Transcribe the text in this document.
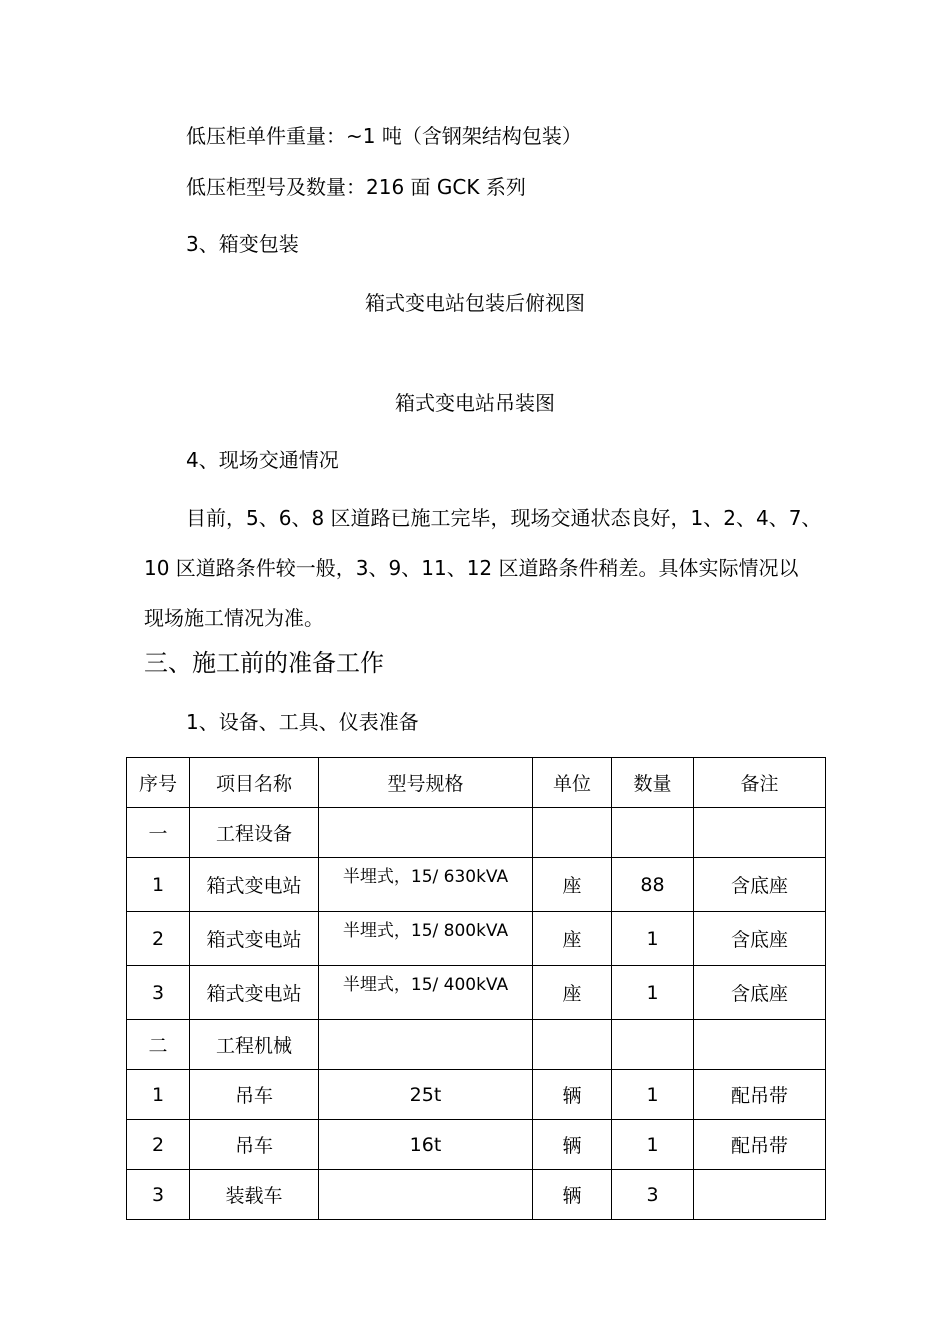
低压柜单件重量：~1 吨（含钢架结构包装）
低压柜型号及数量：216 面 GCK 系列
3、箱变包装
箱式变电站包装后俯视图
箱式变电站吊装图
4、现场交通情况
目前，5、6、8 区道路已施工完毕，现场交通状态良好，1、2、4、7、
10 区道路条件较一般，3、9、11、12 区道路条件稍差。具体实际情况以
现场施工情况为准。
三、施工前的准备工作
1、设备、工具、仪表准备
序号	项目名称	型号规格	单位	数量	备注
一	工程设备				
1	箱式变电站	半埋式，15/ 630kVA	座	88	含底座
2	箱式变电站	半埋式，15/ 800kVA	座	1	含底座
3	箱式变电站	半埋式，15/ 400kVA	座	1	含底座
二	工程机械				
1	吊车	25t	辆	1	配吊带
2	吊车	16t	辆	1	配吊带
3	装载车		辆	3	
